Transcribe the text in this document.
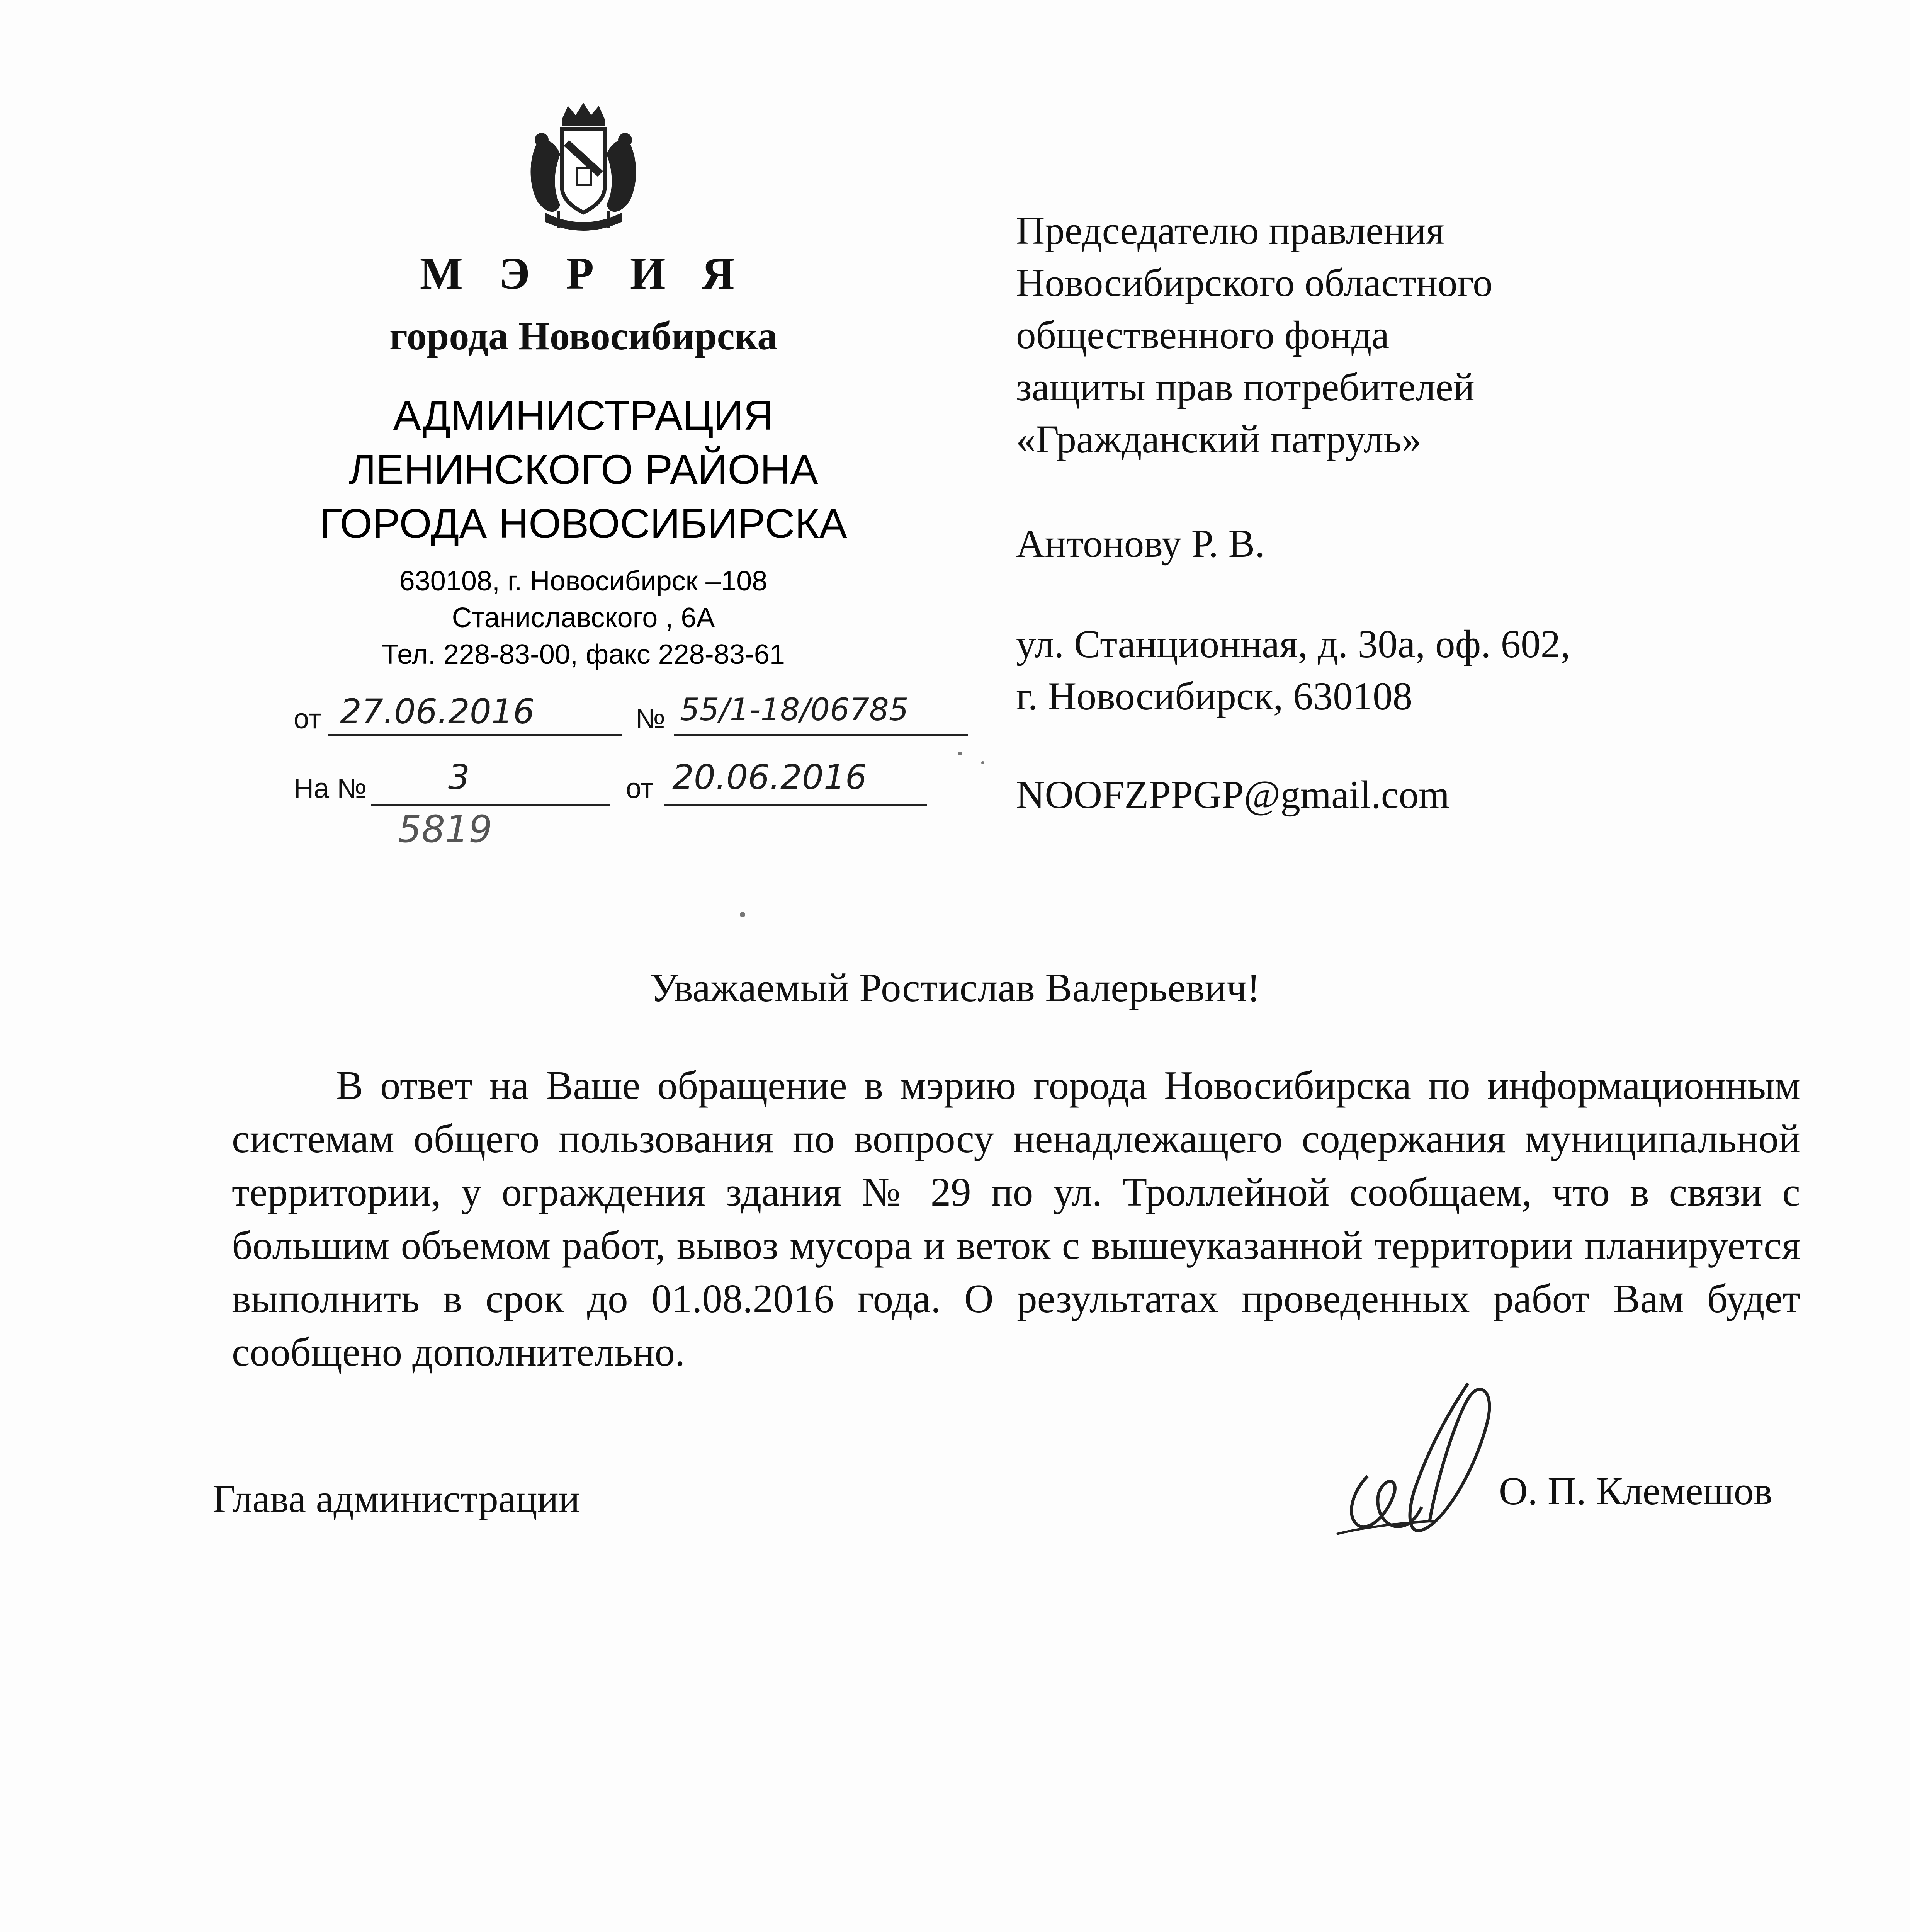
М Э Р И Я
города Новосибирска
АДМИНИСТРАЦИЯ
ЛЕНИНСКОГО РАЙОНА
ГОРОДА НОВОСИБИРСКА
630108, г. Новосибирск –108
Станиславского , 6А
Тел. 228-83-00, факс 228-83-61
от 27.06.2016	№ 55/1-18/06785
На № 3	от 20.06.2016
5819
Председателю правления
Новосибирского областного
общественного фонда
защиты прав потребителей
«Гражданский патруль»
Антонову Р. В.
ул. Станционная, д. 30а, оф. 602,
г. Новосибирск, 630108
NOOFZPPGP@gmail.com
Уважаемый Ростислав Валерьевич!
В ответ на Ваше обращение в мэрию города Новосибирска по информационным системам общего пользования по вопросу ненадлежащего содержания муниципальной территории, у ограждения здания № 29 по ул. Троллейной сообщаем, что в связи с большим объемом работ, вывоз мусора и веток с вышеуказанной территории планируется выполнить в срок до 01.08.2016 года. О результатах проведенных работ Вам будет сообщено дополнительно.
Глава администрации	О. П. Клемешов
